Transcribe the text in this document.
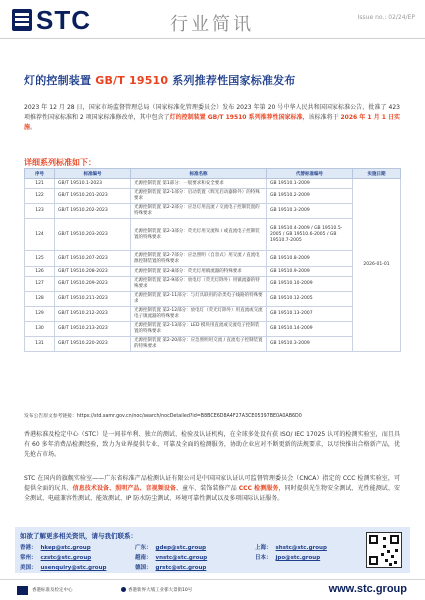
STC	行业简讯	Issue no.: 02/24/EP
灯的控制装置 GB/T 19510 系列推荐性国家标准发布
2023 年 12 月 28 日，国家市场监督管理总局（国家标准化管理委员会）发布 2023 年第 20 号中华人民共和国国家标准公告，批准了 423 项推荐性国家标准和 2 项国家标准修改单，其中包含了灯的控制装置 GB/T 19510 系列推荐性国家标准，该标准将于 2026 年 1 月 1 日实施。
详细系列标准如下：
序号	标准编号	标准名称	代替标准编号	实施日期
121	GB/T 19510.1-2023	光源控制装置 第1部分：一般要求和安全要求	GB 19510.1-2009	2026-01-01
122	GB/T 19510.201-2023	光源控制装置 第2-1部分：启动装置（辉光启动器除外）的特殊要求	GB 19510.2-2009	
123	GB/T 19510.202-2023	光源控制装置 第2-2部分：应急灯用直流 / 交流电子控制装置的特殊要求	GB 19510.3-2009	
124	GB/T 19510.203-2023	光源控制装置 第2-3部分：荧光灯用交流和 / 或直流电子控制装置的特殊要求	GB 19510.4-2009 / GB 19510.5-2005 / GB 19510.6-2005 / GB 19510.7-2005	
125	GB/T 19510.207-2023	光源控制装置 第2-7部分：应急照明（自容式）用交流 / 直流电源控制装置的特殊要求	GB 19510.8-2009	
126	GB/T 19510.208-2023	光源控制装置 第2-8部分：荧光灯用镇流器的特殊要求	GB 19510.9-2009	
127	GB/T 19510.209-2023	光源控制装置 第2-9部分：放电灯（荧光灯除外）用镇流器的特殊要求	GB 19510.10-2009	
128	GB/T 19510.211-2023	光源控制装置 第2-11部分：与灯具联用的杂类电子线路的特殊要求	GB 19510.12-2005	
129	GB/T 19510.212-2023	光源控制装置 第2-12部分：放电灯（荧光灯除外）用直流或交流电子镇流器的特殊要求	GB 19510.13-2007	
130	GB/T 19510.213-2023	光源控制装置 第2-13部分：LED 模块用直流或交流电子控制装置的特殊要求	GB 19510.14-2009	
131	GB/T 19510.220-2023	光源控制装置 第2-20部分：应急照明用交流 / 直流电子控制装置的特殊要求	GB 19510.3-2009	
发布公告原文参考链接：https://std.samr.gov.cn/noc/search/nocDetailed?id=B8BCE6D8A4F27A3CE05397BE0A0AB6D0
香港标准及检定中心（STC）是一间非牟利、独立的测试、检验及认证机构，在全球多处设有获 ISO/ IEC 17025 认可的检测实验室，而且具有 60 多年消费品检测经验，致力为业界提供专业、可靠及全面的检测服务，协助企业应对不断更新的法规要求，以尽快推出合格新产品，优先抢占市场。
STC 在国内的旗舰实验室——广东省标准产品检测认证有限公司是中国国家认证认可监督管理委员会（CNCA）指定的 CCC 检测实验室，可提供全面的玩具、信息技术设备、照明产品、音视频设备、童车、装饰装修产品 CCC 检测服务，同时提供光生物安全测试、光性能测试、安全测试、电磁兼容性测试、能效测试、IP 防水防尘测试、环境可靠性测试以及多项国际认证服务。
如欲了解更多相关资讯，请与我们联系：
香港： hkep@stc.group
常州： czstc@stc.group
美国： usenquiry@stc.group
广东： gdep@stc.group
越南： vnstc@stc.group
德国： grstc@stc.group
上海： shstc@stc.group
日本： jpo@stc.group
香港标准及检定中心	香港新界大埔工业邨大景街10号	www.stc.group
